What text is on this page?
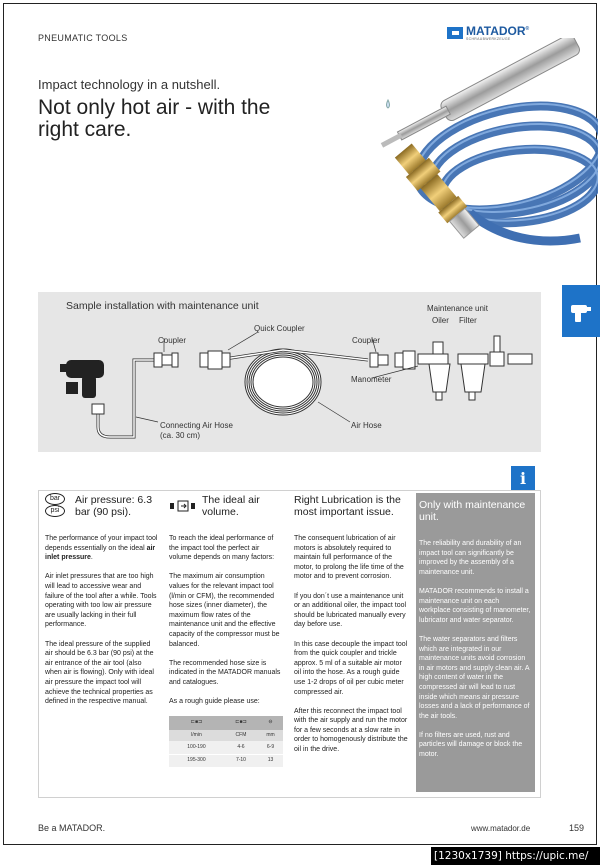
PNEUMATIC TOOLS	MATADOR®
SCHRAUBWERKZEUGE
Impact technology in a nutshell.
Not only hot air - with the right care.
Sample installation with maintenance unit	Maintenance unit
Oiler Filter
Quick Coupler
Coupler	Coupler
Manometer
Connecting Air Hose
(ca. 30 cm)
Air Hose
i
bar
psi
Air pressure: 6.3 bar (90 psi).

The performance of your impact tool depends essentially on the ideal air inlet pressure.

Air inlet pressures that are too high will lead to accessive wear and failure of the tool after a while. Tools operating with too low air pressure are usually lacking in their full performance.

The ideal pressure of the supplied air should be 6.3 bar (90 psi) at the air entrance of the air tool (also when air is flowing). Only with ideal air pressure the impact tool will achieve the technical properties as defined in the respective manual.

The ideal air volume.

To reach the ideal performance of the impact tool the perfect air volume depends on many factors:

The maximum air consumption values for the relevant impact tool (l/min or CFM), the recommended hose sizes (inner diameter), the maximum flow rates of the maintenance unit and the effective capacity of the compressor must be balanced.

The recommended hose size is indicated in the MATADOR manuals and catalogues.

As a rough guide please use:

⊏■⊐	⊏■⊐	⊖
l/min	CFM	mm
100-190	4-6	6-9
195-300	7-10	13
Right Lubrication is the most important issue.

The consequent lubrication of air motors is absolutely required to maintain full performance of the motor, to prolong the life time of the motor and to prevent corrosion.

If you don´t use a maintenance unit or an additional oiler, the impact tool should be lubricated manually every day before use.

In this case decouple the impact tool from the quick coupler and trickle approx. 5 ml of a suitable air motor oil into the hose. As a rough guide use 1-2 drops of oil per cubic meter compressed air.

After this reconnect the impact tool with the air supply and run the motor for a few seconds at a slow rate in order to homogenously distribute the oil in the drive.

Only with maintenance unit.

The reliability and durability of an impact tool can significantly be improved by the assembly of a maintenance unit.

MATADOR recommends to install a maintenance unit on each workplace consisting of manometer, lubricator and water separator.

The water separators and filters which are integrated in our maintenance units avoid corrosion in air motors and supply clean air. A high content of water in the compressed air will lead to rust inside which means air pressure losses and a lack of performance of the air tools.

If no filters are used, rust and particles will damage or block the motor.

Be a MATADOR.	www.matador.de	159
[1230x1739] https://upic.me/
